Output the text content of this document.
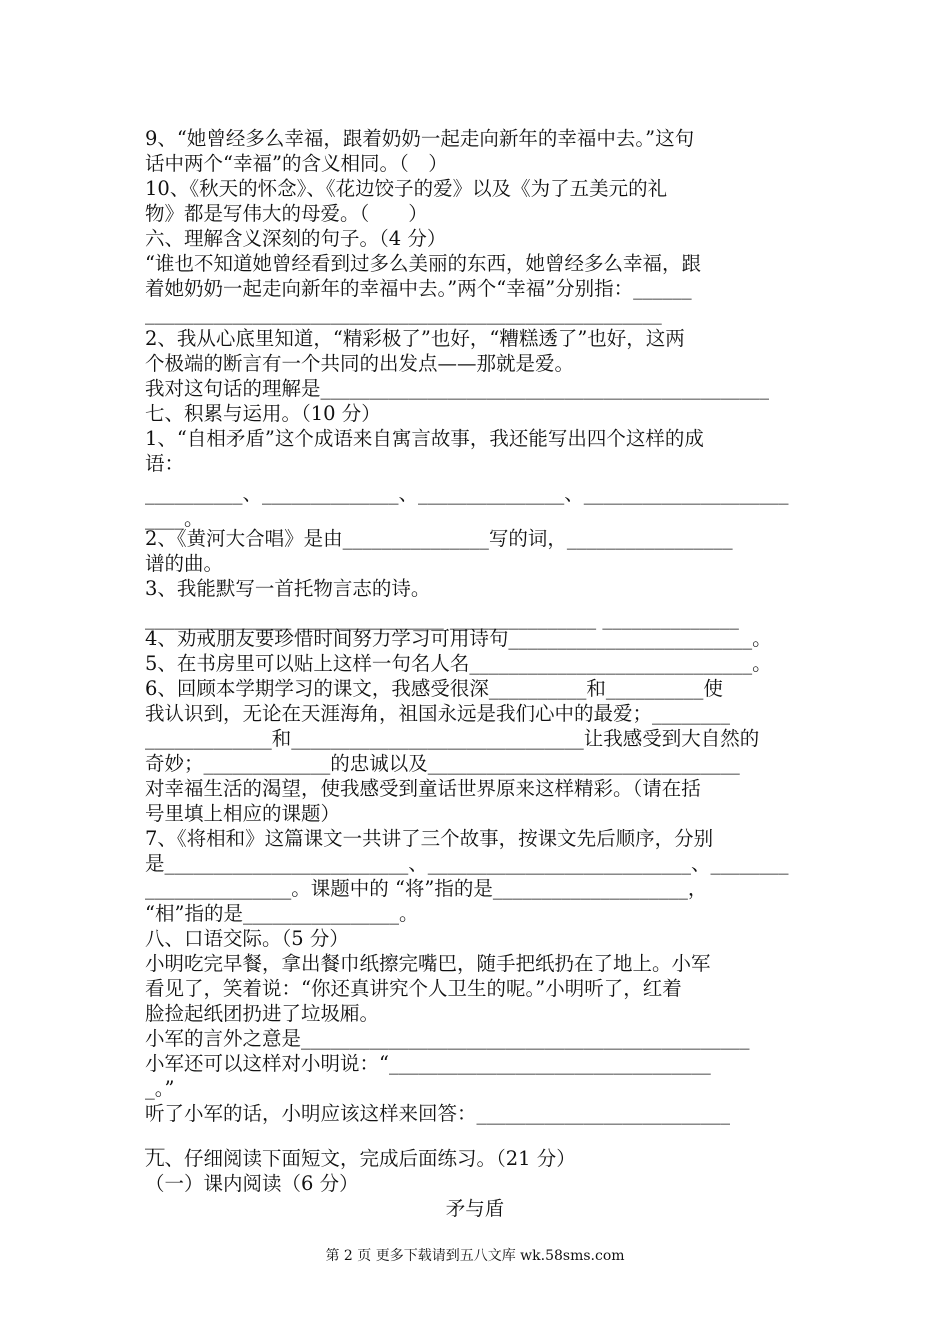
9、“她曾经多么幸福，跟着奶奶一起走向新年的幸福中去。”这句
话中两个“幸福”的含义相同。（　）
10、《秋天的怀念》、《花边饺子的爱》以及《为了五美元的礼
物》都是写伟大的母爱。（　　）
六、理解含义深刻的句子。（4 分）
“谁也不知道她曾经看到过多么美丽的东西，她曾经多么幸福，跟
着她奶奶一起走向新年的幸福中去。”两个“幸福”分别指：______
_____________________________________________________
2、我从心底里知道，“精彩极了”也好，“糟糕透了”也好，这两
个极端的断言有一个共同的出发点——那就是爱。
我对这句话的理解是______________________________________________
七、积累与运用。（10 分）
1、“自相矛盾”这个成语来自寓言故事，我还能写出四个这样的成
语：
__________、______________、_______________、_____________________
____。
2、《黄河大合唱》是由_______________写的词，_________________
谱的曲。
3、我能默写一首托物言志的诗。
_______________ _______________ _______________ ______________
4、劝戒朋友要珍惜时间努力学习可用诗句_________________________。
5、在书房里可以贴上这样一句名人名_____________________________。
6、回顾本学期学习的课文，我感受很深__________和__________使
我认识到，无论在天涯海角，祖国永远是我们心中的最爱；________
_____________和______________________________让我感受到大自然的
奇妙；_____________的忠诚以及________________________________
对幸福生活的渴望，使我感受到童话世界原来这样精彩。（请在括
号里填上相应的课题）
7、《将相和》这篇课文一共讲了三个故事，按课文先后顺序，分别
是_________________________、___________________________、________
_______________。课题中的 “将”指的是____________________，
“相”指的是________________。
八、口语交际。（5 分）
小明吃完早餐，拿出餐巾纸擦完嘴巴，随手把纸扔在了地上。小军
看见了，笑着说：“你还真讲究个人卫生的呢。”小明听了，红着
脸捡起纸团扔进了垃圾厢。
小军的言外之意是______________________________________________
小军还可以这样对小明说：“_________________________________
_。”
听了小军的话，小明应该这样来回答：__________________________
__
九、仔细阅读下面短文，完成后面练习。（21 分）
（一）课内阅读（6 分）
矛与盾
第 2 页 更多下载请到五八文库 wk.58sms.com
